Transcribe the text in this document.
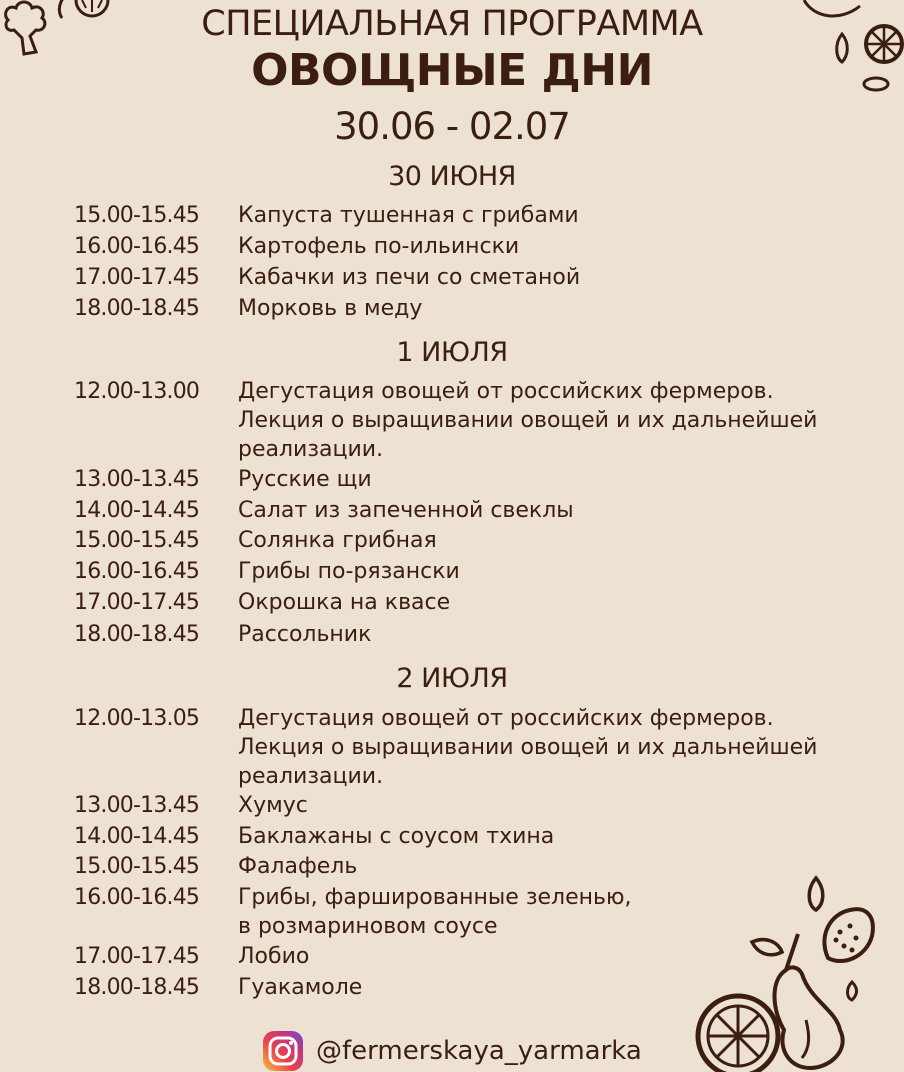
СПЕЦИАЛЬНАЯ ПРОГРАММА
ОВОЩНЫЕ ДНИ
30.06 - 02.07
30 ИЮНЯ
15.00-15.45 Капуста тушенная с грибами
16.00-16.45 Картофель по-ильински
17.00-17.45 Кабачки из печи со сметаной
18.00-18.45 Морковь в меду
1 ИЮЛЯ
12.00-13.00 Дегустация овощей от российских фермеров.
Лекция о выращивании овощей и их дальнейшей
реализации.
13.00-13.45 Русские щи
14.00-14.45 Салат из запеченной свеклы
15.00-15.45 Солянка грибная
16.00-16.45 Грибы по-рязански
17.00-17.45 Окрошка на квасе
18.00-18.45 Рассольник
2 ИЮЛЯ
12.00-13.05 Дегустация овощей от российских фермеров.
Лекция о выращивании овощей и их дальнейшей
реализации.
13.00-13.45 Хумус
14.00-14.45 Баклажаны с соусом тхина
15.00-15.45 Фалафель
16.00-16.45 Грибы, фаршированные зеленью,
в розмариновом соусе
17.00-17.45 Лобио
18.00-18.45 Гуакамоле
@fermerskaya_yarmarka
